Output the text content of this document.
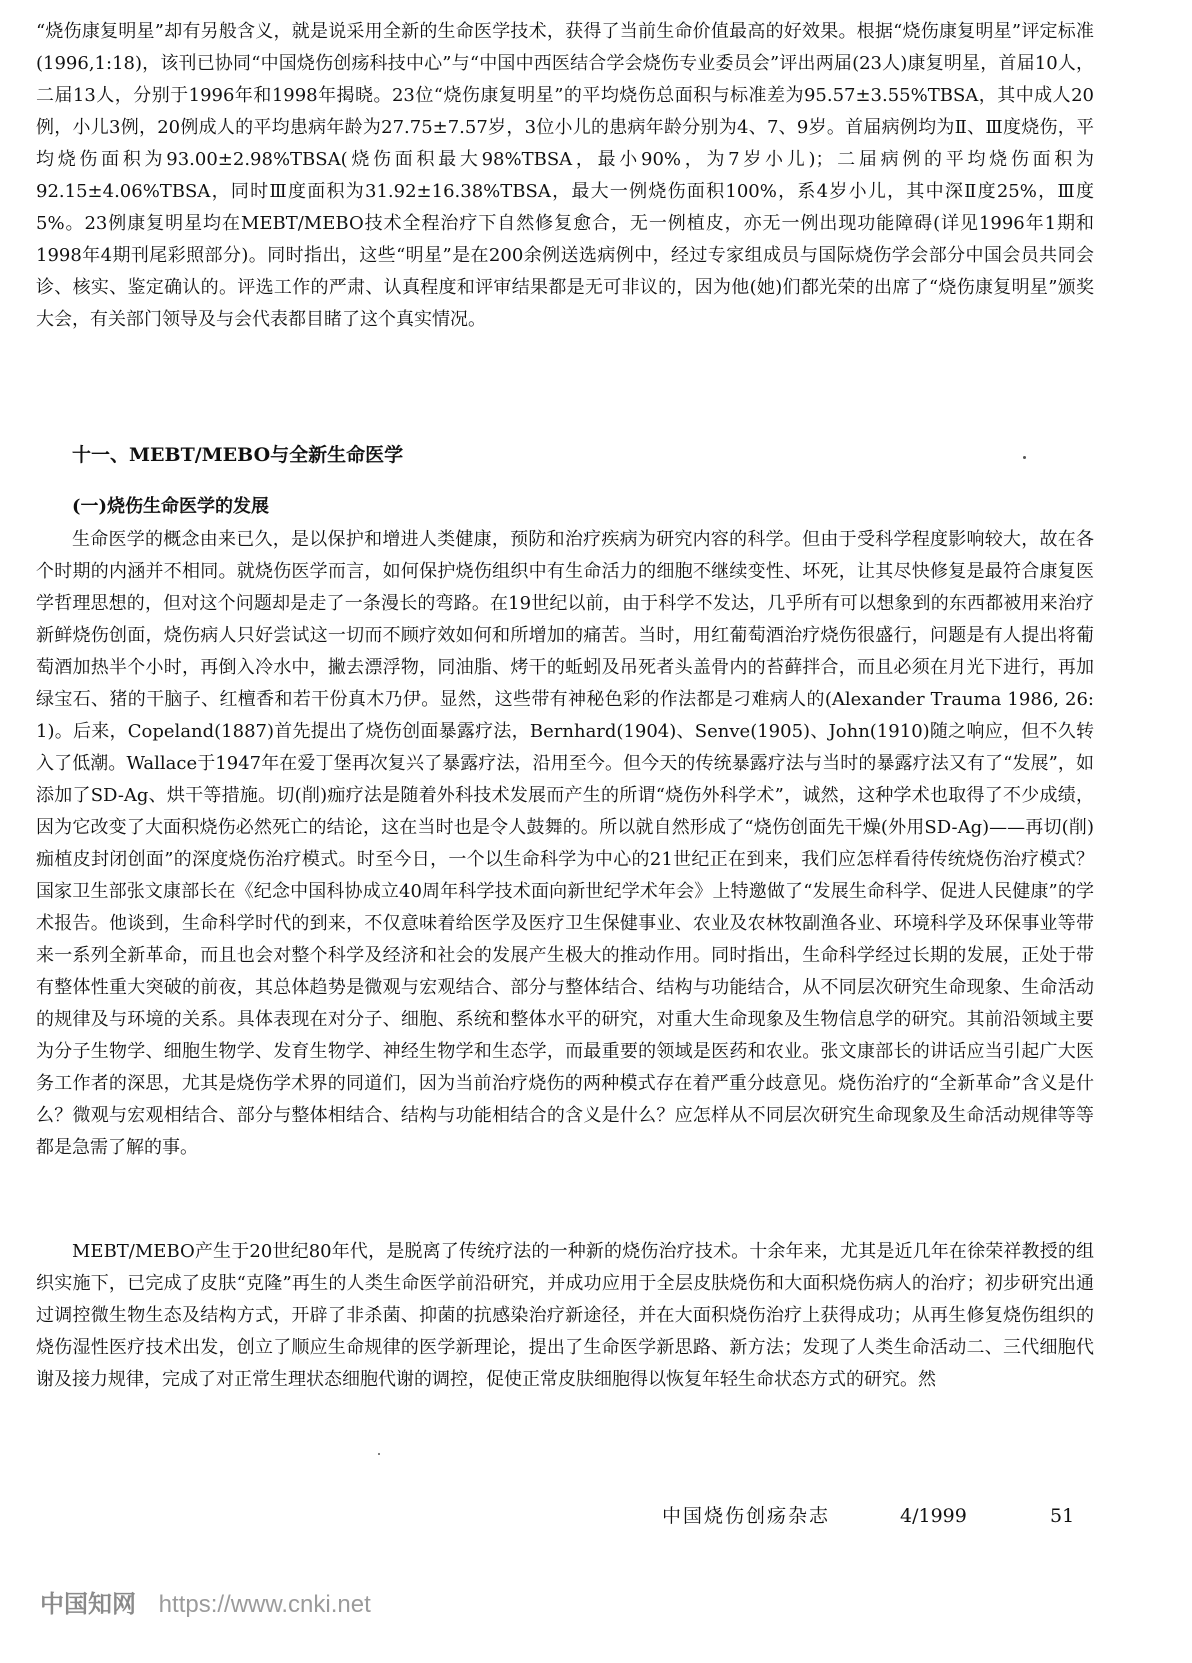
“烧伤康复明星”却有另般含义，就是说采用全新的生命医学技术，获得了当前生命价值最高的好效果。根据“烧伤康复明星”评定标准(1996,1:18)，该刊已协同“中国烧伤创疡科技中心”与“中国中西医结合学会烧伤专业委员会”评出两届(23人)康复明星，首届10人，二届13人，分别于1996年和1998年揭晓。23位“烧伤康复明星”的平均烧伤总面积与标准差为95.57±3.55%TBSA，其中成人20例，小儿3例，20例成人的平均患病年龄为27.75±7.57岁，3位小儿的患病年龄分别为4、7、9岁。首届病例均为Ⅱ、Ⅲ度烧伤，平均烧伤面积为93.00±2.98%TBSA(烧伤面积最大98%TBSA，最小90%，为7岁小儿)；二届病例的平均烧伤面积为92.15±4.06%TBSA，同时Ⅲ度面积为31.92±16.38%TBSA，最大一例烧伤面积100%，系4岁小儿，其中深Ⅱ度25%，Ⅲ度5%。23例康复明星均在MEBT/MEBO技术全程治疗下自然修复愈合，无一例植皮，亦无一例出现功能障碍(详见1996年1期和1998年4期刊尾彩照部分)。同时指出，这些“明星”是在200余例送选病例中，经过专家组成员与国际烧伤学会部分中国会员共同会诊、核实、鉴定确认的。评选工作的严肃、认真程度和评审结果都是无可非议的，因为他(她)们都光荣的出席了“烧伤康复明星”颁奖大会，有关部门领导及与会代表都目睹了这个真实情况。

十一、MEBT/MEBO与全新生命医学
(一)烧伤生命医学的发展

生命医学的概念由来已久，是以保护和增进人类健康，预防和治疗疾病为研究内容的科学。但由于受科学程度影响较大，故在各个时期的内涵并不相同。就烧伤医学而言，如何保护烧伤组织中有生命活力的细胞不继续变性、坏死，让其尽快修复是最符合康复医学哲理思想的，但对这个问题却是走了一条漫长的弯路。在19世纪以前，由于科学不发达，几乎所有可以想象到的东西都被用来治疗新鲜烧伤创面，烧伤病人只好尝试这一切而不顾疗效如何和所增加的痛苦。当时，用红葡萄酒治疗烧伤很盛行，问题是有人提出将葡萄酒加热半个小时，再倒入冷水中，撇去漂浮物，同油脂、烤干的蚯蚓及吊死者头盖骨内的苔藓拌合，而且必须在月光下进行，再加绿宝石、猪的干脑子、红檀香和若干份真木乃伊。显然，这些带有神秘色彩的作法都是刁难病人的(Alexander Trauma 1986, 26: 1)。后来，Copeland(1887)首先提出了烧伤创面暴露疗法，Bernhard(1904)、Senve(1905)、John(1910)随之响应，但不久转入了低潮。Wallace于1947年在爱丁堡再次复兴了暴露疗法，沿用至今。但今天的传统暴露疗法与当时的暴露疗法又有了“发展”，如添加了SD-Ag、烘干等措施。切(削)痂疗法是随着外科技术发展而产生的所谓“烧伤外科学术”，诚然，这种学术也取得了不少成绩，因为它改变了大面积烧伤必然死亡的结论，这在当时也是令人鼓舞的。所以就自然形成了“烧伤创面先干燥(外用SD-Ag)——再切(削)痂植皮封闭创面”的深度烧伤治疗模式。时至今日，一个以生命科学为中心的21世纪正在到来，我们应怎样看待传统烧伤治疗模式？国家卫生部张文康部长在《纪念中国科协成立40周年科学技术面向新世纪学术年会》上特邀做了“发展生命科学、促进人民健康”的学术报告。他谈到，生命科学时代的到来，不仅意味着给医学及医疗卫生保健事业、农业及农林牧副渔各业、环境科学及环保事业等带来一系列全新革命，而且也会对整个科学及经济和社会的发展产生极大的推动作用。同时指出，生命科学经过长期的发展，正处于带有整体性重大突破的前夜，其总体趋势是微观与宏观结合、部分与整体结合、结构与功能结合，从不同层次研究生命现象、生命活动的规律及与环境的关系。具体表现在对分子、细胞、系统和整体水平的研究，对重大生命现象及生物信息学的研究。其前沿领域主要为分子生物学、细胞生物学、发育生物学、神经生物学和生态学，而最重要的领域是医药和农业。张文康部长的讲话应当引起广大医务工作者的深思，尤其是烧伤学术界的同道们，因为当前治疗烧伤的两种模式存在着严重分歧意见。烧伤治疗的“全新革命”含义是什么？微观与宏观相结合、部分与整体相结合、结构与功能相结合的含义是什么？应怎样从不同层次研究生命现象及生命活动规律等等都是急需了解的事。

MEBT/MEBO产生于20世纪80年代，是脱离了传统疗法的一种新的烧伤治疗技术。十余年来，尤其是近几年在徐荣祥教授的组织实施下，已完成了皮肤“克隆”再生的人类生命医学前沿研究，并成功应用于全层皮肤烧伤和大面积烧伤病人的治疗；初步研究出通过调控微生物生态及结构方式，开辟了非杀菌、抑菌的抗感染治疗新途径，并在大面积烧伤治疗上获得成功；从再生修复烧伤组织的烧伤湿性医疗技术出发，创立了顺应生命规律的医学新理论，提出了生命医学新思路、新方法；发现了人类生命活动二、三代细胞代谢及接力规律，完成了对正常生理状态细胞代谢的调控，促使正常皮肤细胞得以恢复年轻生命状态方式的研究。然

中国烧伤创疡杂志	4/1999	51
中国知网 https://www.cnki.net
